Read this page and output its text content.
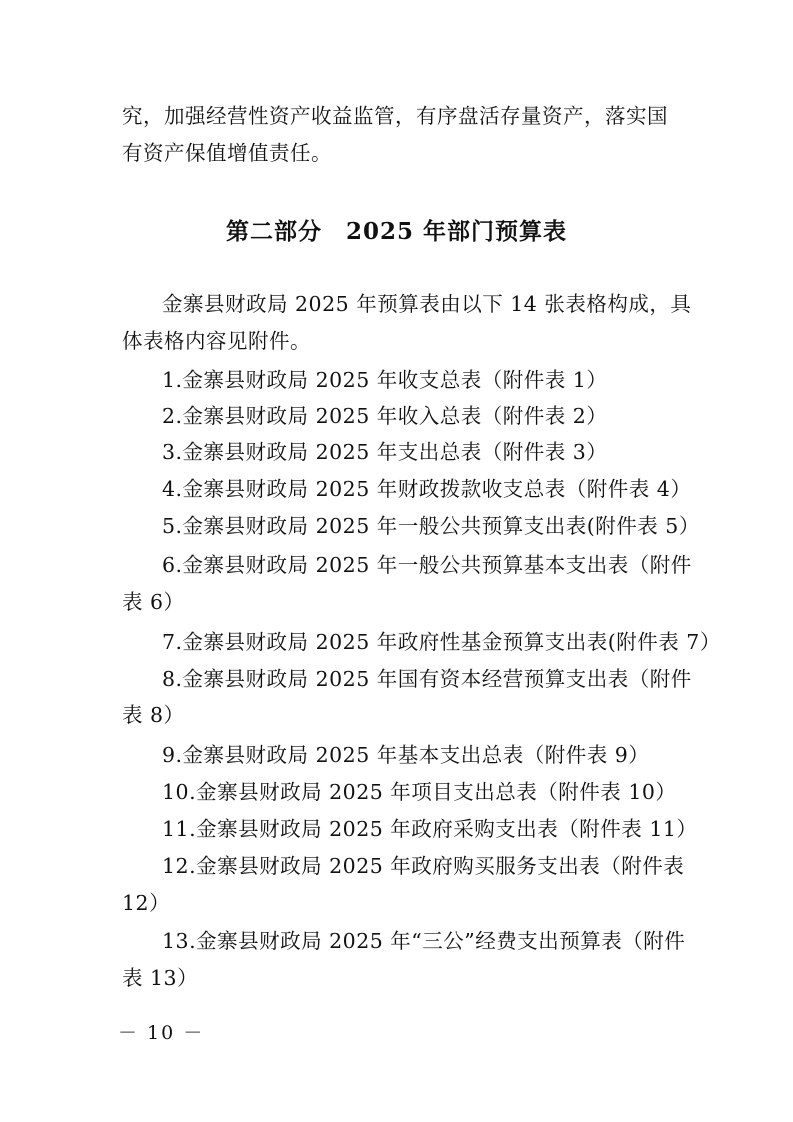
究，加强经营性资产收益监管，有序盘活存量资产，落实国
有资产保值增值责任。
第二部分　2025 年部门预算表
金寨县财政局 2025 年预算表由以下 14 张表格构成，具
体表格内容见附件。
1.金寨县财政局 2025 年收支总表（附件表 1）
2.金寨县财政局 2025 年收入总表（附件表 2）
3.金寨县财政局 2025 年支出总表（附件表 3）
4.金寨县财政局 2025 年财政拨款收支总表（附件表 4）
5.金寨县财政局 2025 年一般公共预算支出表(附件表 5）
6.金寨县财政局 2025 年一般公共预算基本支出表（附件
表 6）
7.金寨县财政局 2025 年政府性基金预算支出表(附件表 7）
8.金寨县财政局 2025 年国有资本经营预算支出表（附件
表 8）
9.金寨县财政局 2025 年基本支出总表（附件表 9）
10.金寨县财政局 2025 年项目支出总表（附件表 10）
11.金寨县财政局 2025 年政府采购支出表（附件表 11）
12.金寨县财政局 2025 年政府购买服务支出表（附件表
12）
13.金寨县财政局 2025 年“三公”经费支出预算表（附件
表 13）
－ 10 －
